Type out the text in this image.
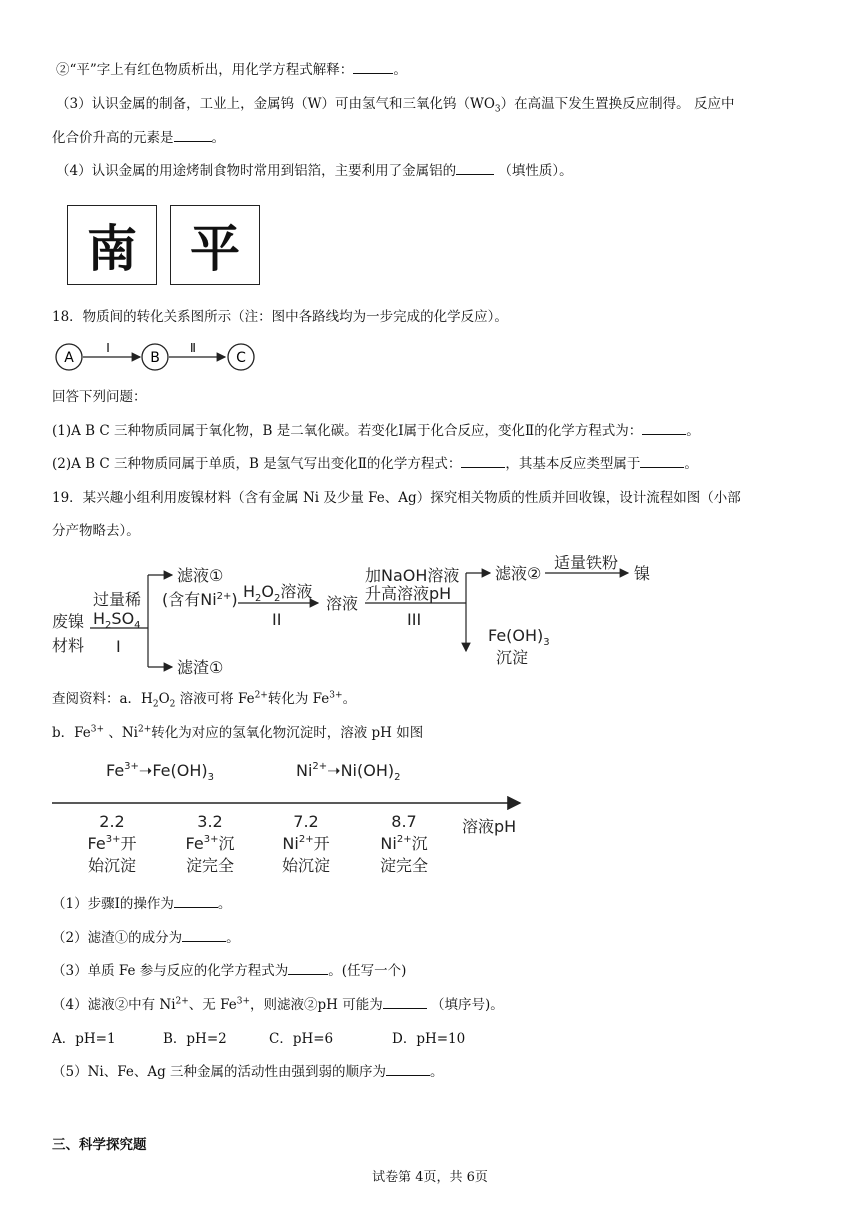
②“平”字上有红色物质析出，用化学方程式解释：	。
（3）认识金属的制备，工业上，金属钨（W）可由氢气和三氧化钨$(WO_3)$在高温下发生置换反应制得。 反应中
化合价升高的元素是	。
（4）认识金属的用途烤制食物时常用到铝箔，主要利用了金属铝的	（填性质）。
南 平
18．物质间的转化关系图所示（注：图中各路线均为一步完成的化学反应）。
A
I
B
Ⅱ
C
回答下列问题：
(1)A B C 三种物质同属于氧化物，B 是二氧化碳。若变化Ⅰ属于化合反应，变化Ⅱ的化学方程式为：	。
(2)A B C 三种物质同属于单质，B 是氢气写出变化Ⅱ的化学方程式：	，其基本反应类型属于	。
19．某兴趣小组利用废镍材料（含有金属 Ni 及少量 Fe、Ag）探究相关物质的性质并回收镍，设计流程如图（小部
分产物略去）。
废镍
材料
过量稀
$H_2SO_4$
I
滤液①
(含有$Ni^{2+}$)
滤渣①
$H_2O_2$溶液
II
溶液
加NaOH溶液
升高溶液pH
III
滤液②
适量铁粉
镍
$Fe(OH)_3$
沉淀
查阅资料：a．$H_2O_2$ 溶液可将 $Fe^{2+}$转化为 $Fe^{3+}$。
b．$Fe^{3+}$ 、$Ni^{2+}$转化为对应的氢氧化物沉淀时，溶液 pH 如图
$Fe^{3+}➝Fe(OH)_3$	$Ni^{2+}➝Ni(OH)_2$
溶液pH
2.2
$Fe^{3+}$开
始沉淀
3.2
$Fe^{3+}$沉
淀完全
7.2
$Ni^{2+}$开
始沉淀
8.7
$Ni^{2+}$沉
淀完全
（1）步骤Ⅰ的操作为	。
（2）滤渣①的成分为	。
（3）单质 Fe 参与反应的化学方程式为	。(任写一个)
（4）滤液②中有 $Ni^{2+}$、无 $Fe^{3+}$，则滤液②pH 可能为	（填序号)。
A．pH=1	B．pH=2	C．pH=6	D．pH=10
（5）Ni、Fe、Ag 三种金属的活动性由强到弱的顺序为	。
三、科学探究题
试卷第 4页，共 6页
